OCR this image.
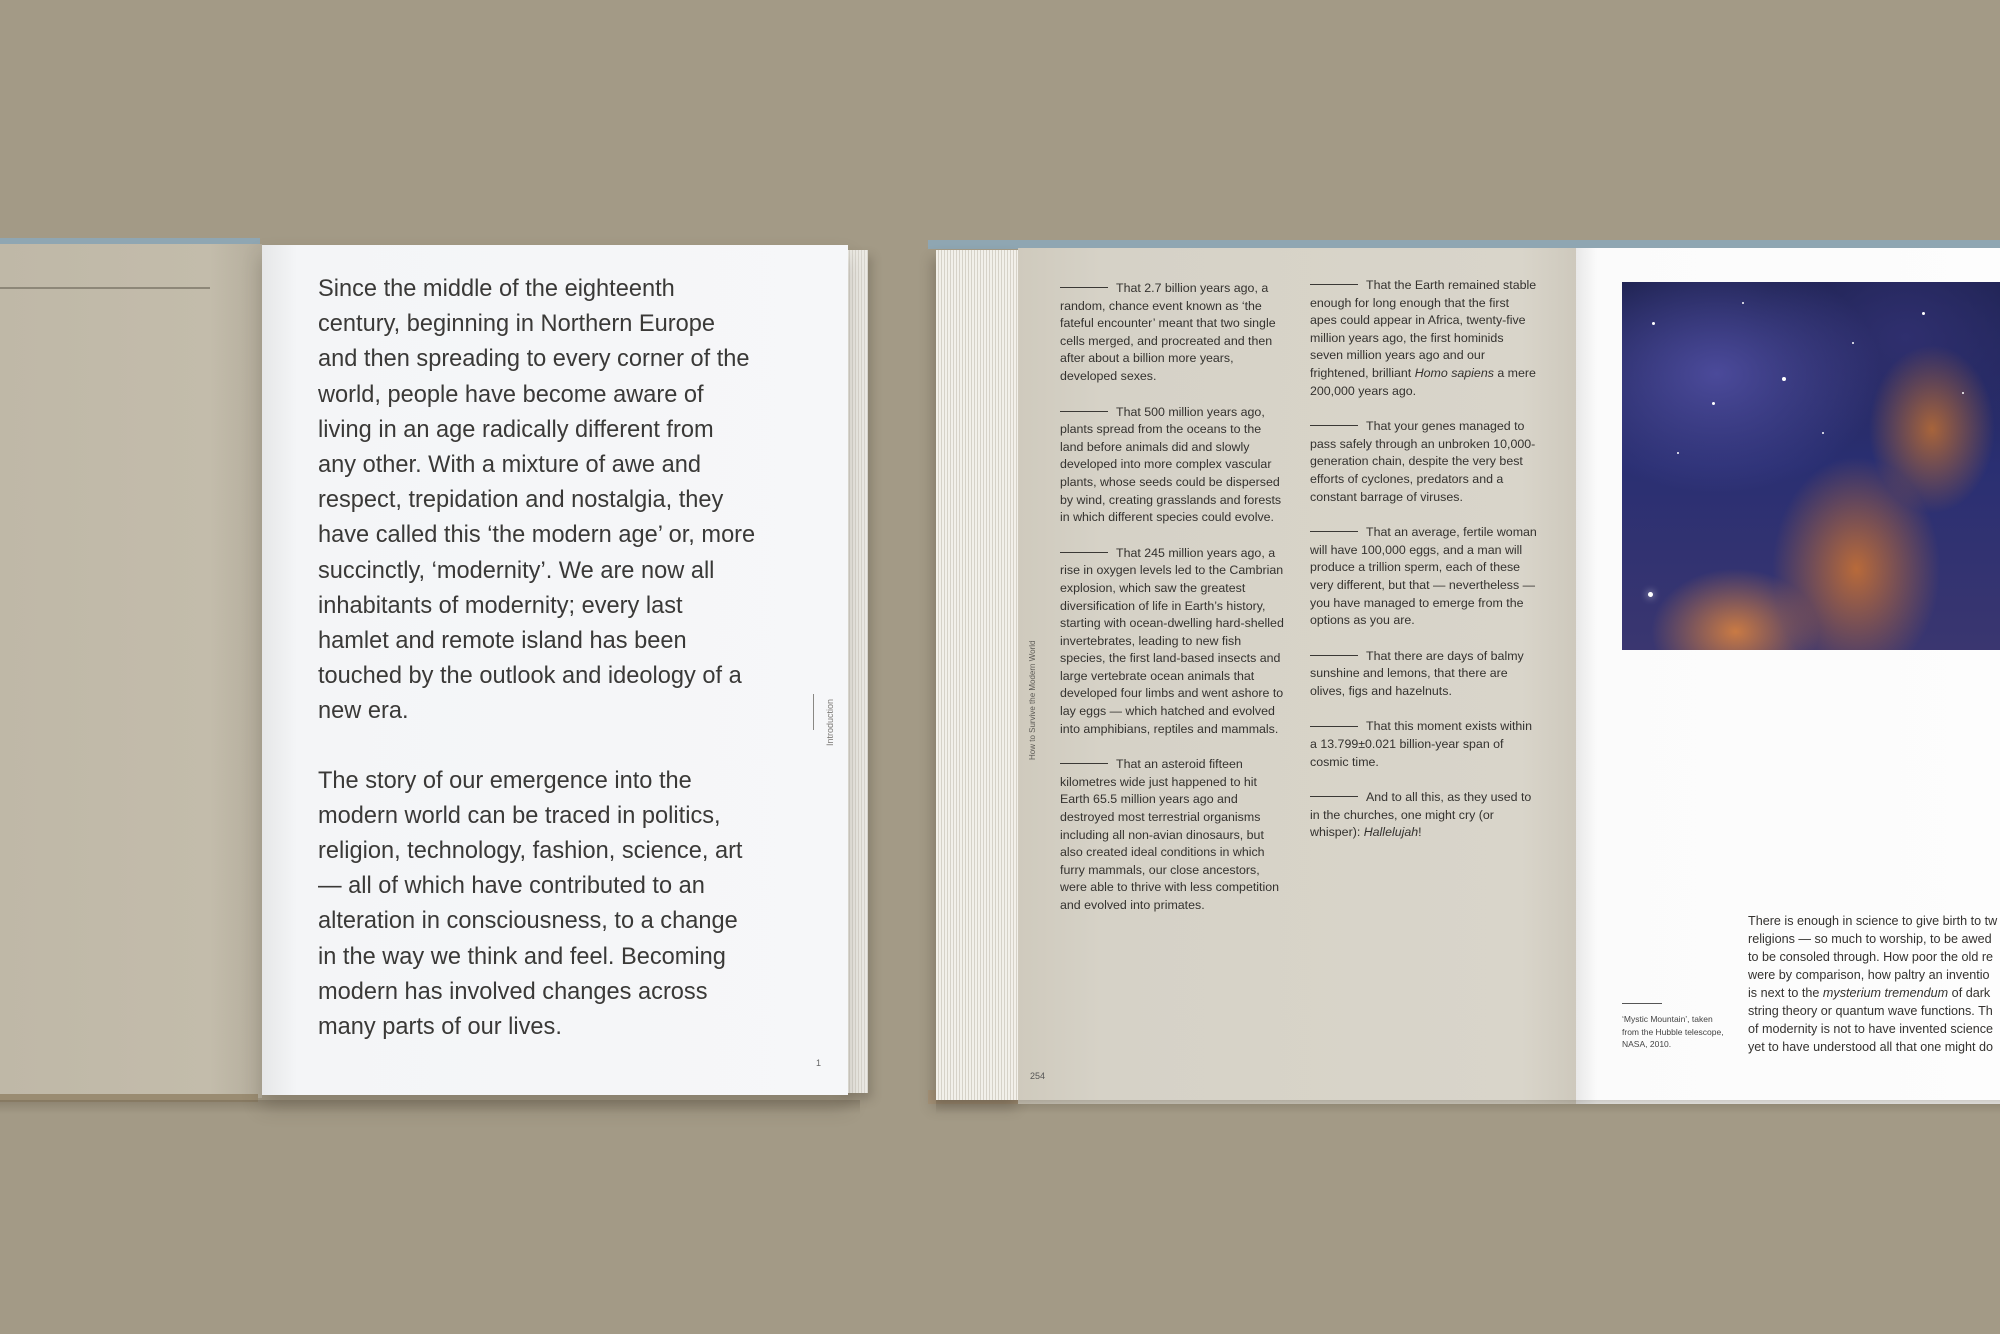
Since the middle of the eighteenth century, beginning in Northern Europe and then spreading to every corner of the world, people have become aware of living in an age radically different from any other. With a mixture of awe and respect, trepidation and nostalgia, they have called this ‘the modern age’ or, more succinctly, ‘modernity’. We are now all inhabitants of modernity; every last hamlet and remote island has been touched by the outlook and ideology of a new era.

The story of our emergence into the modern world can be traced in politics, religion, technology, fashion, science, art — all of which have contributed to an alteration in consciousness, to a change in the way we think and feel. Becoming modern has involved changes across many parts of our lives.

Introduction
1

That 2.7 billion years ago, a random, chance event known as ‘the fateful encounter’ meant that two single cells merged, and procreated and then after about a billion more years, developed sexes.

That 500 million years ago, plants spread from the oceans to the land before animals did and slowly developed into more complex vascular plants, whose seeds could be dispersed by wind, creating grasslands and forests in which different species could evolve.

That 245 million years ago, a rise in oxygen levels led to the Cambrian explosion, which saw the greatest diversification of life in Earth’s history, starting with ocean-dwelling hard-shelled invertebrates, leading to new fish species, the first land-based insects and large vertebrate ocean animals that developed four limbs and went ashore to lay eggs — which hatched and evolved into amphibians, reptiles and mammals.

That an asteroid fifteen kilometres wide just happened to hit Earth 65.5 million years ago and destroyed most terrestrial organisms including all non-avian dinosaurs, but also created ideal conditions in which furry mammals, our close ancestors, were able to thrive with less competition and evolved into primates.

That the Earth remained stable enough for long enough that the first apes could appear in Africa, twenty-five million years ago, the first hominids seven million years ago and our frightened, brilliant Homo sapiens a mere 200,000 years ago.

That your genes managed to pass safely through an unbroken 10,000-generation chain, despite the very best efforts of cyclones, predators and a constant barrage of viruses.

That an average, fertile woman will have 100,000 eggs, and a man will produce a trillion sperm, each of these very different, but that — nevertheless — you have managed to emerge from the options as you are.

That there are days of balmy sunshine and lemons, that there are olives, figs and hazelnuts.

That this moment exists within a 13.799±0.021 billion-year span of cosmic time.

And to all this, as they used to in the churches, one might cry (or whisper): Hallelujah!

How to Survive the Modern World
254
‘Mystic Mountain’, taken from the Hubble telescope, NASA, 2010.
There is enough in science to give birth to tw
religions — so much to worship, to be awed
to be consoled through. How poor the old re
were by comparison, how paltry an inventio
is next to the mysterium tremendum of dark
string theory or quantum wave functions. Th
of modernity is not to have invented science
yet to have understood all that one might do
